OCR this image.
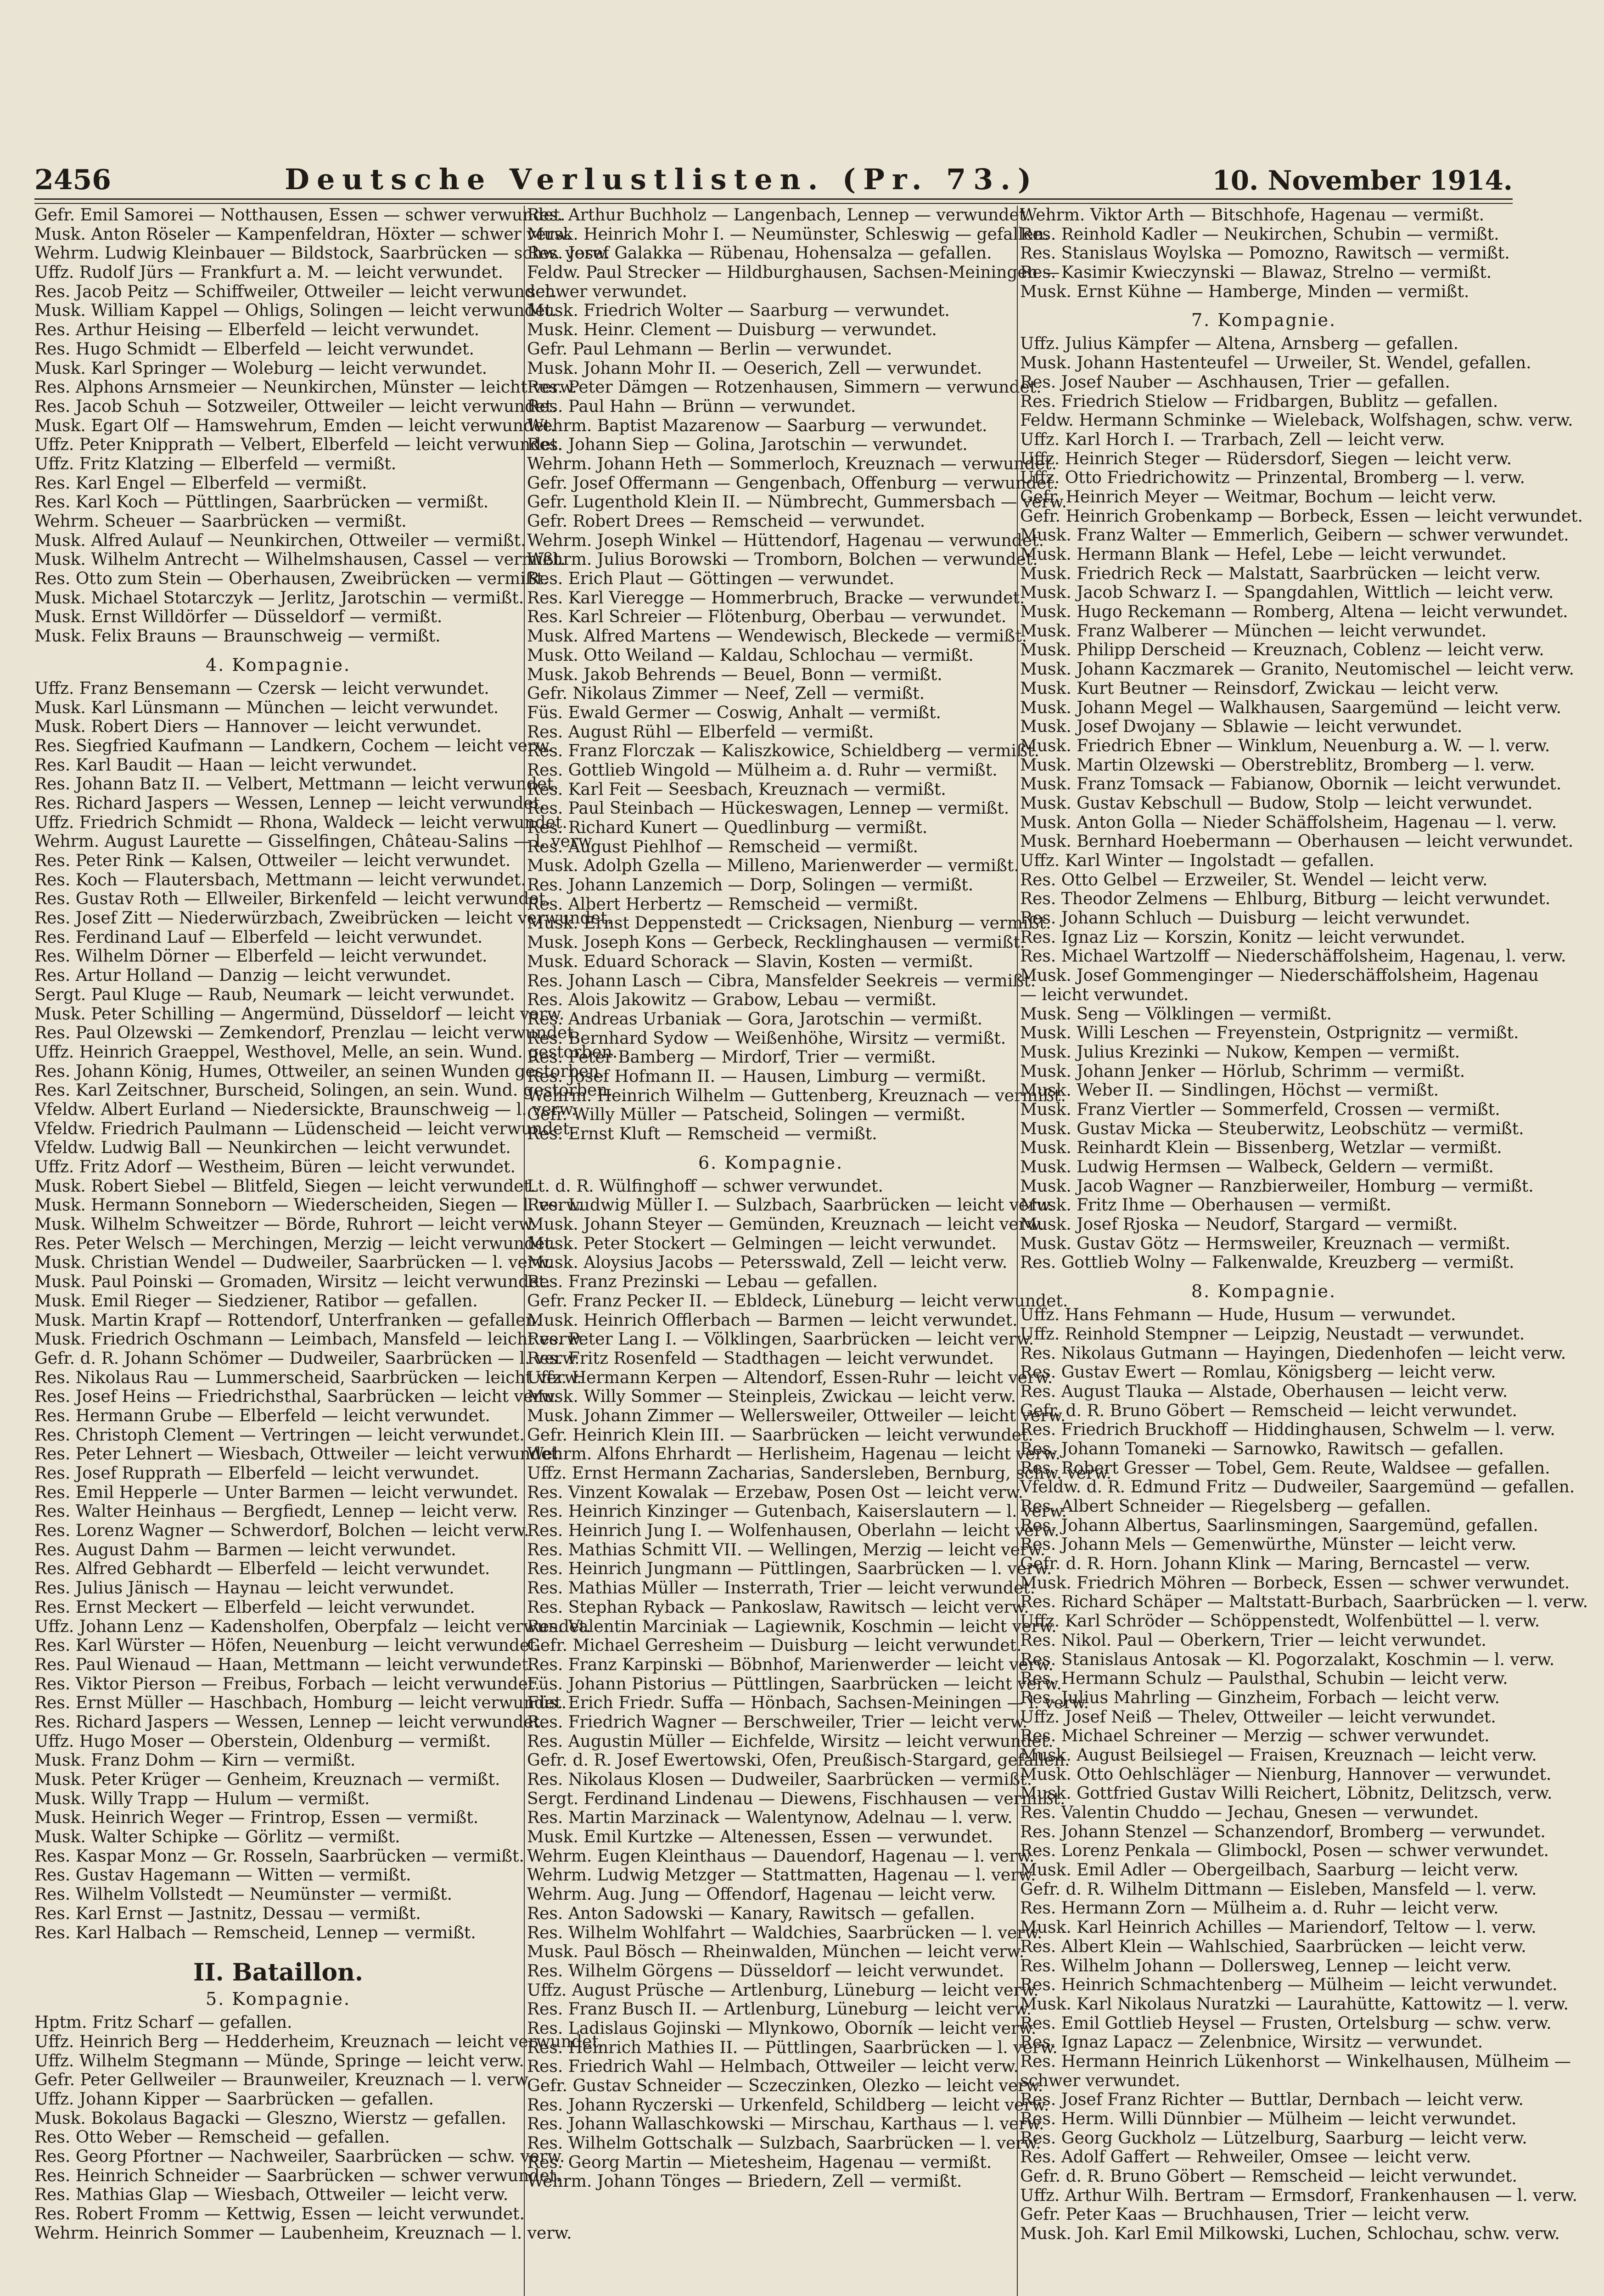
2456	Deutsche Verlustlisten. (Pr. 73.)	10. November 1914.
Gefr. Emil Samorei — Notthausen, Essen — schwer verwundet.
Musk. Anton Röseler — Kampenfeldran, Höxter — schwer verw.
Wehrm. Ludwig Kleinbauer — Bildstock, Saarbrücken — schw. verw.
Uffz. Rudolf Jürs — Frankfurt a. M. — leicht verwundet.
Res. Jacob Peitz — Schiffweiler, Ottweiler — leicht verwundet.
Musk. William Kappel — Ohligs, Solingen — leicht verwundet.
Res. Arthur Heising — Elberfeld — leicht verwundet.
Res. Hugo Schmidt — Elberfeld — leicht verwundet.
Musk. Karl Springer — Woleburg — leicht verwundet.
Res. Alphons Arnsmeier — Neunkirchen, Münster — leicht verw.
Res. Jacob Schuh — Sotzweiler, Ottweiler — leicht verwundet.
Musk. Egart Olf — Hamswehrum, Emden — leicht verwundet.
Uffz. Peter Knipprath — Velbert, Elberfeld — leicht verwundet.
Uffz. Fritz Klatzing — Elberfeld — vermißt.
Res. Karl Engel — Elberfeld — vermißt.
Res. Karl Koch — Püttlingen, Saarbrücken — vermißt.
Wehrm. Scheuer — Saarbrücken — vermißt.
Musk. Alfred Aulauf — Neunkirchen, Ottweiler — vermißt.
Musk. Wilhelm Antrecht — Wilhelmshausen, Cassel — vermißt.
Res. Otto zum Stein — Oberhausen, Zweibrücken — vermißt.
Musk. Michael Stotarczyk — Jerlitz, Jarotschin — vermißt.
Musk. Ernst Willdörfer — Düsseldorf — vermißt.
Musk. Felix Brauns — Braunschweig — vermißt.
4. Kompagnie.
Uffz. Franz Bensemann — Czersk — leicht verwundet.
Musk. Karl Lünsmann — München — leicht verwundet.
Musk. Robert Diers — Hannover — leicht verwundet.
Res. Siegfried Kaufmann — Landkern, Cochem — leicht verw.
Res. Karl Baudit — Haan — leicht verwundet.
Res. Johann Batz II. — Velbert, Mettmann — leicht verwundet.
Res. Richard Jaspers — Wessen, Lennep — leicht verwundet.
Uffz. Friedrich Schmidt — Rhona, Waldeck — leicht verwundet.
Wehrm. August Laurette — Gisselfingen, Château-Salins — l. verw.
Res. Peter Rink — Kalsen, Ottweiler — leicht verwundet.
Res. Koch — Flautersbach, Mettmann — leicht verwundet.
Res. Gustav Roth — Ellweiler, Birkenfeld — leicht verwundet.
Res. Josef Zitt — Niederwürzbach, Zweibrücken — leicht verwundet.
Res. Ferdinand Lauf — Elberfeld — leicht verwundet.
Res. Wilhelm Dörner — Elberfeld — leicht verwundet.
Res. Artur Holland — Danzig — leicht verwundet.
Sergt. Paul Kluge — Raub, Neumark — leicht verwundet.
Musk. Peter Schilling — Angermünd, Düsseldorf — leicht verw.
Res. Paul Olzewski — Zemkendorf, Prenzlau — leicht verwundet.
Uffz. Heinrich Graeppel, Westhovel, Melle, an sein. Wund. gestorben.
Res. Johann König, Humes, Ottweiler, an seinen Wunden gestorben.
Res. Karl Zeitschner, Burscheid, Solingen, an sein. Wund. gestorben.
Vfeldw. Albert Eurland — Niedersickte, Braunschweig — l. verw.
Vfeldw. Friedrich Paulmann — Lüdenscheid — leicht verwundet.
Vfeldw. Ludwig Ball — Neunkirchen — leicht verwundet.
Uffz. Fritz Adorf — Westheim, Büren — leicht verwundet.
Musk. Robert Siebel — Blitfeld, Siegen — leicht verwundet.
Musk. Hermann Sonneborn — Wiederscheiden, Siegen — l. verw.
Musk. Wilhelm Schweitzer — Börde, Ruhrort — leicht verw.
Res. Peter Welsch — Merchingen, Merzig — leicht verwundet.
Musk. Christian Wendel — Dudweiler, Saarbrücken — l. verw.
Musk. Paul Poinski — Gromaden, Wirsitz — leicht verwundet.
Musk. Emil Rieger — Siedziener, Ratibor — gefallen.
Musk. Martin Krapf — Rottendorf, Unterfranken — gefallen.
Musk. Friedrich Oschmann — Leimbach, Mansfeld — leicht verw.
Gefr. d. R. Johann Schömer — Dudweiler, Saarbrücken — l. verw.
Res. Nikolaus Rau — Lummerscheid, Saarbrücken — leicht verw.
Res. Josef Heins — Friedrichsthal, Saarbrücken — leicht verw.
Res. Hermann Grube — Elberfeld — leicht verwundet.
Res. Christoph Clement — Vertringen — leicht verwundet.
Res. Peter Lehnert — Wiesbach, Ottweiler — leicht verwundet.
Res. Josef Rupprath — Elberfeld — leicht verwundet.
Res. Emil Hepperle — Unter Barmen — leicht verwundet.
Res. Walter Heinhaus — Bergfiedt, Lennep — leicht verw.
Res. Lorenz Wagner — Schwerdorf, Bolchen — leicht verw.
Res. August Dahm — Barmen — leicht verwundet.
Res. Alfred Gebhardt — Elberfeld — leicht verwundet.
Res. Julius Jänisch — Haynau — leicht verwundet.
Res. Ernst Meckert — Elberfeld — leicht verwundet.
Uffz. Johann Lenz — Kadensholfen, Oberpfalz — leicht verwundet.
Res. Karl Würster — Höfen, Neuenburg — leicht verwundet.
Res. Paul Wienaud — Haan, Mettmann — leicht verwundet.
Res. Viktor Pierson — Freibus, Forbach — leicht verwundet.
Res. Ernst Müller — Haschbach, Homburg — leicht verwundet.
Res. Richard Jaspers — Wessen, Lennep — leicht verwundet.
Uffz. Hugo Moser — Oberstein, Oldenburg — vermißt.
Musk. Franz Dohm — Kirn — vermißt.
Musk. Peter Krüger — Genheim, Kreuznach — vermißt.
Musk. Willy Trapp — Hulum — vermißt.
Musk. Heinrich Weger — Frintrop, Essen — vermißt.
Musk. Walter Schipke — Görlitz — vermißt.
Res. Kaspar Monz — Gr. Rosseln, Saarbrücken — vermißt.
Res. Gustav Hagemann — Witten — vermißt.
Res. Wilhelm Vollstedt — Neumünster — vermißt.
Res. Karl Ernst — Jastnitz, Dessau — vermißt.
Res. Karl Halbach — Remscheid, Lennep — vermißt.
II. Bataillon.
5. Kompagnie.
Hptm. Fritz Scharf — gefallen.
Uffz. Heinrich Berg — Hedderheim, Kreuznach — leicht verwundet.
Uffz. Wilhelm Stegmann — Münde, Springe — leicht verw.
Gefr. Peter Gellweiler — Braunweiler, Kreuznach — l. verw.
Uffz. Johann Kipper — Saarbrücken — gefallen.
Musk. Bokolaus Bagacki — Gleszno, Wierstz — gefallen.
Res. Otto Weber — Remscheid — gefallen.
Res. Georg Pfortner — Nachweiler, Saarbrücken — schw. verw.
Res. Heinrich Schneider — Saarbrücken — schwer verwundet.
Res. Mathias Glap — Wiesbach, Ottweiler — leicht verw.
Res. Robert Fromm — Kettwig, Essen — leicht verwundet.
Wehrm. Heinrich Sommer — Laubenheim, Kreuznach — l. verw.
Res. Arthur Buchholz — Langenbach, Lennep — verwundet.
Musk. Heinrich Mohr I. — Neumünster, Schleswig — gefallen.
Res. Josef Galakka — Rübenau, Hohensalza — gefallen.
Feldw. Paul Strecker — Hildburghausen, Sachsen-Meiningen —
schwer verwundet.
Musk. Friedrich Wolter — Saarburg — verwundet.
Musk. Heinr. Clement — Duisburg — verwundet.
Gefr. Paul Lehmann — Berlin — verwundet.
Musk. Johann Mohr II. — Oeserich, Zell — verwundet.
Res. Peter Dämgen — Rotzenhausen, Simmern — verwundet.
Res. Paul Hahn — Brünn — verwundet.
Wehrm. Baptist Mazarenow — Saarburg — verwundet.
Res. Johann Siep — Golina, Jarotschin — verwundet.
Wehrm. Johann Heth — Sommerloch, Kreuznach — verwundet.
Gefr. Josef Offermann — Gengenbach, Offenburg — verwundet.
Gefr. Lugenthold Klein II. — Nümbrecht, Gummersbach — verw.
Gefr. Robert Drees — Remscheid — verwundet.
Wehrm. Joseph Winkel — Hüttendorf, Hagenau — verwundet.
Wehrm. Julius Borowski — Tromborn, Bolchen — verwundet.
Res. Erich Plaut — Göttingen — verwundet.
Res. Karl Vieregge — Hommerbruch, Bracke — verwundet.
Res. Karl Schreier — Flötenburg, Oberbau — verwundet.
Musk. Alfred Martens — Wendewisch, Bleckede — vermißt.
Musk. Otto Weiland — Kaldau, Schlochau — vermißt.
Musk. Jakob Behrends — Beuel, Bonn — vermißt.
Gefr. Nikolaus Zimmer — Neef, Zell — vermißt.
Füs. Ewald Germer — Coswig, Anhalt — vermißt.
Res. August Rühl — Elberfeld — vermißt.
Res. Franz Florczak — Kaliszkowice, Schieldberg — vermißt.
Res. Gottlieb Wingold — Mülheim a. d. Ruhr — vermißt.
Res. Karl Feit — Seesbach, Kreuznach — vermißt.
Res. Paul Steinbach — Hückeswagen, Lennep — vermißt.
Res. Richard Kunert — Quedlinburg — vermißt.
Res. August Piehlhof — Remscheid — vermißt.
Musk. Adolph Gzella — Milleno, Marienwerder — vermißt.
Res. Johann Lanzemich — Dorp, Solingen — vermißt.
Res. Albert Herbertz — Remscheid — vermißt.
Musk. Ernst Deppenstedt — Cricksagen, Nienburg — vermißt.
Musk. Joseph Kons — Gerbeck, Recklinghausen — vermißt.
Musk. Eduard Schorack — Slavin, Kosten — vermißt.
Res. Johann Lasch — Cibra, Mansfelder Seekreis — vermißt.
Res. Alois Jakowitz — Grabow, Lebau — vermißt.
Res. Andreas Urbaniak — Gora, Jarotschin — vermißt.
Res. Bernhard Sydow — Weißenhöhe, Wirsitz — vermißt.
Res. Peter Bamberg — Mirdorf, Trier — vermißt.
Res. Josef Hofmann II. — Hausen, Limburg — vermißt.
Wehrm. Heinrich Wilhelm — Guttenberg, Kreuznach — vermißt.
Gefr. Willy Müller — Patscheid, Solingen — vermißt.
Res. Ernst Kluft — Remscheid — vermißt.
6. Kompagnie.
Lt. d. R. Wülfinghoff — schwer verwundet.
Res. Ludwig Müller I. — Sulzbach, Saarbrücken — leicht verw.
Musk. Johann Steyer — Gemünden, Kreuznach — leicht verw.
Musk. Peter Stockert — Gelmingen — leicht verwundet.
Musk. Aloysius Jacobs — Petersswald, Zell — leicht verw.
Res. Franz Prezinski — Lebau — gefallen.
Gefr. Franz Pecker II. — Ebldeck, Lüneburg — leicht verwundet.
Musk. Heinrich Offlerbach — Barmen — leicht verwundet.
Res. Peter Lang I. — Völklingen, Saarbrücken — leicht verw.
Res. Fritz Rosenfeld — Stadthagen — leicht verwundet.
Uffz. Hermann Kerpen — Altendorf, Essen-Ruhr — leicht verw.
Musk. Willy Sommer — Steinpleis, Zwickau — leicht verw.
Musk. Johann Zimmer — Wellersweiler, Ottweiler — leicht verw.
Gefr. Heinrich Klein III. — Saarbrücken — leicht verwundet.
Wehrm. Alfons Ehrhardt — Herlisheim, Hagenau — leicht verw.
Uffz. Ernst Hermann Zacharias, Sandersleben, Bernburg, schw. verw.
Res. Vinzent Kowalak — Erzebaw, Posen Ost — leicht verw.
Res. Heinrich Kinzinger — Gutenbach, Kaiserslautern — l. verw.
Res. Heinrich Jung I. — Wolfenhausen, Oberlahn — leicht verw.
Res. Mathias Schmitt VII. — Wellingen, Merzig — leicht verw.
Res. Heinrich Jungmann — Püttlingen, Saarbrücken — l. verw.
Res. Mathias Müller — Insterrath, Trier — leicht verwundet.
Res. Stephan Ryback — Pankoslaw, Rawitsch — leicht verw.
Res. Valentin Marciniak — Lagiewnik, Koschmin — leicht verw.
Gefr. Michael Gerresheim — Duisburg — leicht verwundet.
Res. Franz Karpinski — Böbnhof, Marienwerder — leicht verw.
Füs. Johann Pistorius — Püttlingen, Saarbrücken — leicht verw.
Füs. Erich Friedr. Suffa — Hönbach, Sachsen-Meiningen — l. verw.
Res. Friedrich Wagner — Berschweiler, Trier — leicht verw.
Res. Augustin Müller — Eichfelde, Wirsitz — leicht verwundet.
Gefr. d. R. Josef Ewertowski, Ofen, Preußisch-Stargard, gefallen.
Res. Nikolaus Klosen — Dudweiler, Saarbrücken — vermißt.
Sergt. Ferdinand Lindenau — Diewens, Fischhausen — vermißt.
Res. Martin Marzinack — Walentynow, Adelnau — l. verw.
Musk. Emil Kurtzke — Altenessen, Essen — verwundet.
Wehrm. Eugen Kleinthaus — Dauendorf, Hagenau — l. verw.
Wehrm. Ludwig Metzger — Stattmatten, Hagenau — l. verw.
Wehrm. Aug. Jung — Offendorf, Hagenau — leicht verw.
Res. Anton Sadowski — Kanary, Rawitsch — gefallen.
Res. Wilhelm Wohlfahrt — Waldchies, Saarbrücken — l. verw.
Musk. Paul Bösch — Rheinwalden, München — leicht verw.
Res. Wilhelm Görgens — Düsseldorf — leicht verwundet.
Uffz. August Prüsche — Artlenburg, Lüneburg — leicht verw.
Res. Franz Busch II. — Artlenburg, Lüneburg — leicht verw.
Res. Ladislaus Gojinski — Mlynkowo, Oborník — leicht verw.
Res. Heinrich Mathies II. — Püttlingen, Saarbrücken — l. verw.
Res. Friedrich Wahl — Helmbach, Ottweiler — leicht verw.
Gefr. Gustav Schneider — Sczeczinken, Olezko — leicht verw.
Res. Johann Ryczerski — Urkenfeld, Schildberg — leicht verw.
Res. Johann Wallaschkowski — Mirschau, Karthaus — l. verw.
Res. Wilhelm Gottschalk — Sulzbach, Saarbrücken — l. verw.
Res. Georg Martin — Mietesheim, Hagenau — vermißt.
Wehrm. Johann Tönges — Briedern, Zell — vermißt.
Wehrm. Viktor Arth — Bitschhofe, Hagenau — vermißt.
Res. Reinhold Kadler — Neukirchen, Schubin — vermißt.
Res. Stanislaus Woylska — Pomozno, Rawitsch — vermißt.
Res. Kasimir Kwieczynski — Blawaz, Strelno — vermißt.
Musk. Ernst Kühne — Hamberge, Minden — vermißt.
7. Kompagnie.
Uffz. Julius Kämpfer — Altena, Arnsberg — gefallen.
Musk. Johann Hastenteufel — Urweiler, St. Wendel, gefallen.
Res. Josef Nauber — Aschhausen, Trier — gefallen.
Res. Friedrich Stielow — Fridbargen, Bublitz — gefallen.
Feldw. Hermann Schminke — Wieleback, Wolfshagen, schw. verw.
Uffz. Karl Horch I. — Trarbach, Zell — leicht verw.
Uffz. Heinrich Steger — Rüdersdorf, Siegen — leicht verw.
Uffz. Otto Friedrichowitz — Prinzental, Bromberg — l. verw.
Gefr. Heinrich Meyer — Weitmar, Bochum — leicht verw.
Gefr. Heinrich Grobenkamp — Borbeck, Essen — leicht verwundet.
Musk. Franz Walter — Emmerlich, Geibern — schwer verwundet.
Musk. Hermann Blank — Hefel, Lebe — leicht verwundet.
Musk. Friedrich Reck — Malstatt, Saarbrücken — leicht verw.
Musk. Jacob Schwarz I. — Spangdahlen, Wittlich — leicht verw.
Musk. Hugo Reckemann — Romberg, Altena — leicht verwundet.
Musk. Franz Walberer — München — leicht verwundet.
Musk. Philipp Derscheid — Kreuznach, Coblenz — leicht verw.
Musk. Johann Kaczmarek — Granito, Neutomischel — leicht verw.
Musk. Kurt Beutner — Reinsdorf, Zwickau — leicht verw.
Musk. Johann Megel — Walkhausen, Saargemünd — leicht verw.
Musk. Josef Dwojany — Sblawie — leicht verwundet.
Musk. Friedrich Ebner — Winklum, Neuenburg a. W. — l. verw.
Musk. Martin Olzewski — Oberstreblitz, Bromberg — l. verw.
Musk. Franz Tomsack — Fabianow, Obornik — leicht verwundet.
Musk. Gustav Kebschull — Budow, Stolp — leicht verwundet.
Musk. Anton Golla — Nieder Schäffolsheim, Hagenau — l. verw.
Musk. Bernhard Hoebermann — Oberhausen — leicht verwundet.
Uffz. Karl Winter — Ingolstadt — gefallen.
Res. Otto Gelbel — Erzweiler, St. Wendel — leicht verw.
Res. Theodor Zelmens — Ehlburg, Bitburg — leicht verwundet.
Res. Johann Schluch — Duisburg — leicht verwundet.
Res. Ignaz Liz — Korszin, Konitz — leicht verwundet.
Res. Michael Wartzolff — Niederschäffolsheim, Hagenau, l. verw.
Musk. Josef Gommenginger — Niederschäffolsheim, Hagenau
— leicht verwundet.
Musk. Seng — Völklingen — vermißt.
Musk. Willi Leschen — Freyenstein, Ostprignitz — vermißt.
Musk. Julius Krezinki — Nukow, Kempen — vermißt.
Musk. Johann Jenker — Hörlub, Schrimm — vermißt.
Musk. Weber II. — Sindlingen, Höchst — vermißt.
Musk. Franz Viertler — Sommerfeld, Crossen — vermißt.
Musk. Gustav Micka — Steuberwitz, Leobschütz — vermißt.
Musk. Reinhardt Klein — Bissenberg, Wetzlar — vermißt.
Musk. Ludwig Hermsen — Walbeck, Geldern — vermißt.
Musk. Jacob Wagner — Ranzbierweiler, Homburg — vermißt.
Musk. Fritz Ihme — Oberhausen — vermißt.
Musk. Josef Rjoska — Neudorf, Stargard — vermißt.
Musk. Gustav Götz — Hermsweiler, Kreuznach — vermißt.
Res. Gottlieb Wolny — Falkenwalde, Kreuzberg — vermißt.
8. Kompagnie.
Uffz. Hans Fehmann — Hude, Husum — verwundet.
Uffz. Reinhold Stempner — Leipzig, Neustadt — verwundet.
Res. Nikolaus Gutmann — Hayingen, Diedenhofen — leicht verw.
Res. Gustav Ewert — Romlau, Königsberg — leicht verw.
Res. August Tlauka — Alstade, Oberhausen — leicht verw.
Gefr. d. R. Bruno Göbert — Remscheid — leicht verwundet.
Res. Friedrich Bruckhoff — Hiddinghausen, Schwelm — l. verw.
Res. Johann Tomaneki — Sarnowko, Rawitsch — gefallen.
Res. Robert Gresser — Tobel, Gem. Reute, Waldsee — gefallen.
Vfeldw. d. R. Edmund Fritz — Dudweiler, Saargemünd — gefallen.
Res. Albert Schneider — Riegelsberg — gefallen.
Res. Johann Albertus, Saarlinsmingen, Saargemünd, gefallen.
Res. Johann Mels — Gemenwürthe, Münster — leicht verw.
Gefr. d. R. Horn. Johann Klink — Maring, Berncastel — verw.
Musk. Friedrich Möhren — Borbeck, Essen — schwer verwundet.
Res. Richard Schäper — Maltstatt-Burbach, Saarbrücken — l. verw.
Uffz. Karl Schröder — Schöppenstedt, Wolfenbüttel — l. verw.
Res. Nikol. Paul — Oberkern, Trier — leicht verwundet.
Res. Stanislaus Antosak — Kl. Pogorzalakt, Koschmin — l. verw.
Res. Hermann Schulz — Paulsthal, Schubin — leicht verw.
Res. Julius Mahrling — Ginzheim, Forbach — leicht verw.
Uffz. Josef Neiß — Thelev, Ottweiler — leicht verwundet.
Res. Michael Schreiner — Merzig — schwer verwundet.
Musk. August Beilsiegel — Fraisen, Kreuznach — leicht verw.
Musk. Otto Oehlschläger — Nienburg, Hannover — verwundet.
Musk. Gottfried Gustav Willi Reichert, Löbnitz, Delitzsch, verw.
Res. Valentin Chuddo — Jechau, Gnesen — verwundet.
Res. Johann Stenzel — Schanzendorf, Bromberg — verwundet.
Res. Lorenz Penkala — Glimbockl, Posen — schwer verwundet.
Musk. Emil Adler — Obergeilbach, Saarburg — leicht verw.
Gefr. d. R. Wilhelm Dittmann — Eisleben, Mansfeld — l. verw.
Res. Hermann Zorn — Mülheim a. d. Ruhr — leicht verw.
Musk. Karl Heinrich Achilles — Mariendorf, Teltow — l. verw.
Res. Albert Klein — Wahlschied, Saarbrücken — leicht verw.
Res. Wilhelm Johann — Dollersweg, Lennep — leicht verw.
Res. Heinrich Schmachtenberg — Mülheim — leicht verwundet.
Musk. Karl Nikolaus Nuratzki — Laurahütte, Kattowitz — l. verw.
Res. Emil Gottlieb Heysel — Frusten, Ortelsburg — schw. verw.
Res. Ignaz Lapacz — Zelenbnice, Wirsitz — verwundet.
Res. Hermann Heinrich Lükenhorst — Winkelhausen, Mülheim —
schwer verwundet.
Res. Josef Franz Richter — Buttlar, Dernbach — leicht verw.
Res. Herm. Willi Dünnbier — Mülheim — leicht verwundet.
Res. Georg Guckholz — Lützelburg, Saarburg — leicht verw.
Res. Adolf Gaffert — Rehweiler, Omsee — leicht verw.
Gefr. d. R. Bruno Göbert — Remscheid — leicht verwundet.
Uffz. Arthur Wilh. Bertram — Ermsdorf, Frankenhausen — l. verw.
Gefr. Peter Kaas — Bruchhausen, Trier — leicht verw.
Musk. Joh. Karl Emil Milkowski, Luchen, Schlochau, schw. verw.
